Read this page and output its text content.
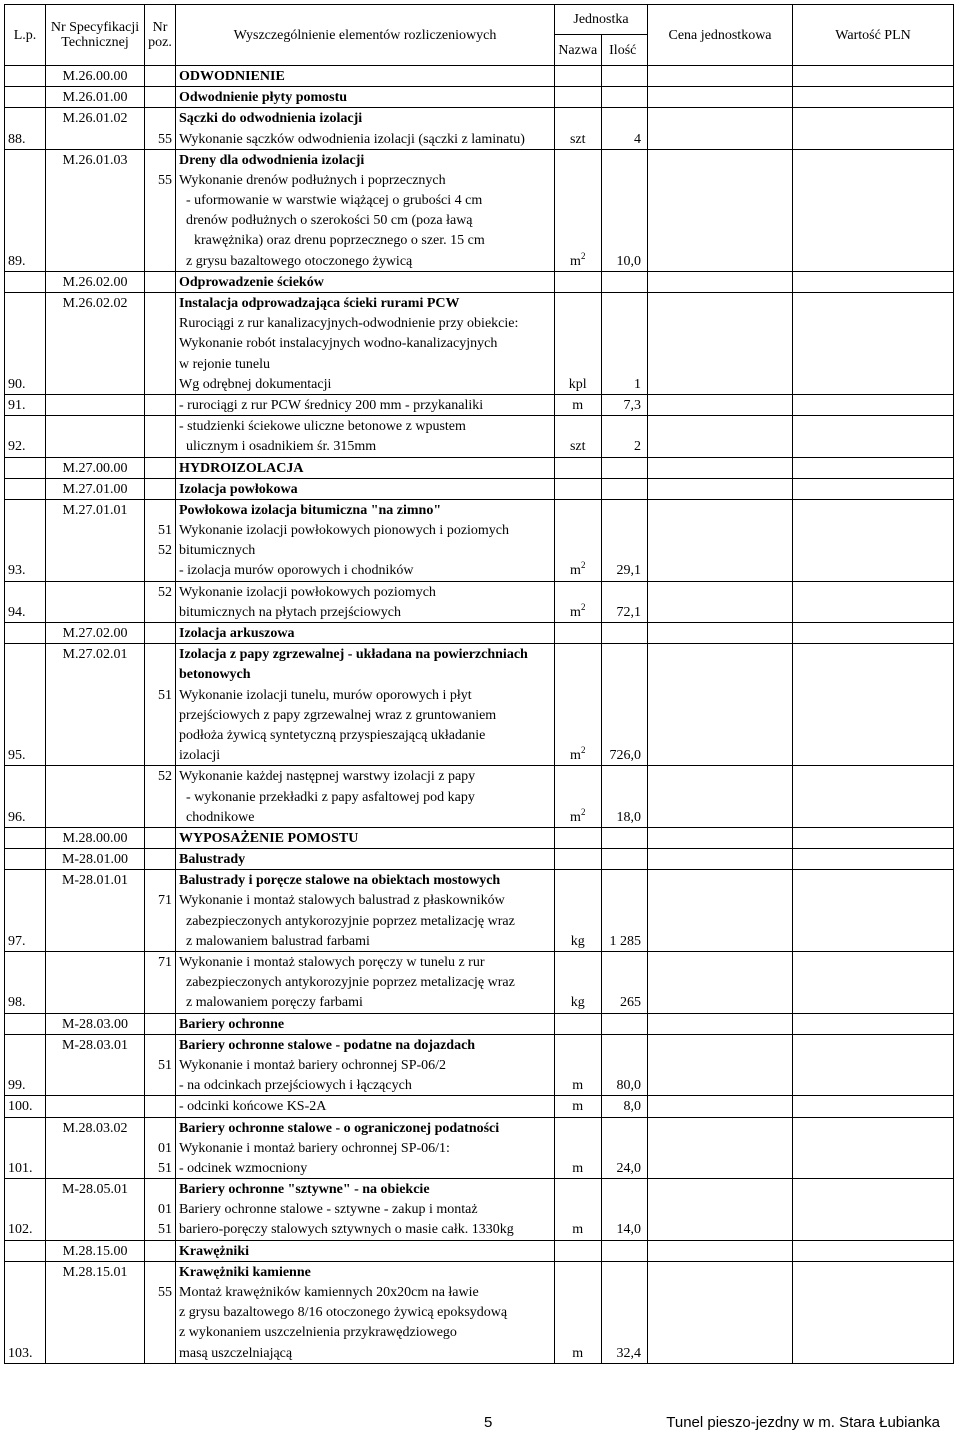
L.p.	Nr Specyfikacji Technicznej	Nr poz.	Wyszczególnienie elementów rozliczeniowych	Jednostka		Cena jednostkowa	Wartość PLN
				Nazwa	Ilość		
	M.26.00.00		ODWODNIENIE				
	M.26.01.00		Odwodnienie płyty pomostu				
	M.26.01.02		Sączki do odwodnienia izolacji				
88.		55	Wykonanie sączków odwodnienia izolacji (sączki z laminatu)	szt	4		
	M.26.01.03		Dreny dla odwodnienia izolacji				
		55	Wykonanie drenów podłużnych i poprzecznych				
			- uformowanie w warstwie wiążącej o grubości 4 cm				
			drenów podłużnych o szerokości 50 cm (poza ławą				
			krawężnika) oraz drenu poprzecznego o szer. 15 cm				
89.			z grysu bazaltowego otoczonego żywicą	$m^2$	10,0		
	M.26.02.00		Odprowadzenie ścieków				
	M.26.02.02		Instalacja odprowadzająca ścieki rurami PCW				
			Rurociągi z rur kanalizacyjnych-odwodnienie przy obiekcie:				
			Wykonanie robót instalacyjnych wodno-kanalizacyjnych				
			w rejonie tunelu				
90.			Wg odrębnej dokumentacji	kpl	1		
91.			- rurociągi z rur PCW średnicy 200 mm - przykanaliki	m	7,3		
			- studzienki ściekowe uliczne betonowe z wpustem				
92.			ulicznym i osadnikiem śr. 315mm	szt	2		
	M.27.00.00		HYDROIZOLACJA				
	M.27.01.00		Izolacja powłokowa				
	M.27.01.01		Powłokowa izolacja bitumiczna "na zimno"				
		51	Wykonanie izolacji powłokowych pionowych i poziomych				
		52	bitumicznych				
93.			- izolacja murów oporowych i chodników	$m^2$	29,1		
		52	Wykonanie izolacji powłokowych poziomych				
94.			bitumicznych na płytach przejściowych	$m^2$	72,1		
	M.27.02.00		Izolacja arkuszowa				
	M.27.02.01		Izolacja z papy zgrzewalnej - układana na powierzchniach				
			betonowych				
		51	Wykonanie izolacji tunelu, murów oporowych i płyt				
			przejściowych z papy zgrzewalnej wraz z gruntowaniem				
			podłoża żywicą syntetyczną przyspieszającą układanie				
95.			izolacji	$m^2$	726,0		
		52	Wykonanie każdej następnej warstwy izolacji z papy				
			- wykonanie przekładki z papy asfaltowej pod kapy				
96.			chodnikowe	$m^2$	18,0		
	M.28.00.00		WYPOSAŻENIE POMOSTU				
	M-28.01.00		Balustrady				
	M-28.01.01		Balustrady i poręcze stalowe na obiektach mostowych				
		71	Wykonanie i montaż stalowych balustrad z płaskowników				
			zabezpieczonych antykorozyjnie poprzez metalizację wraz				
97.			z malowaniem balustrad farbami	kg	1 285		
		71	Wykonanie i montaż stalowych poręczy w tunelu z rur				
			zabezpieczonych antykorozyjnie poprzez metalizację wraz				
98.			z malowaniem poręczy farbami	kg	265		
	M-28.03.00		Bariery ochronne				
	M-28.03.01		Bariery ochronne stalowe - podatne na dojazdach				
		51	Wykonanie i montaż bariery ochronnej SP-06/2				
99.			- na odcinkach przejściowych i łączących	m	80,0		
100.			- odcinki końcowe KS-2A	m	8,0		
	M.28.03.02		Bariery ochronne stalowe - o ograniczonej podatności				
		01	Wykonanie i montaż bariery ochronnej SP-06/1:				
101.		51	- odcinek wzmocniony	m	24,0		
	M-28.05.01		Bariery ochronne "sztywne" - na obiekcie				
		01	Bariery ochronne stalowe - sztywne - zakup i montaż				
102.		51	bariero-poręczy stalowych sztywnych o masie całk. 1330kg	m	14,0		
	M.28.15.00		Krawężniki				
	M.28.15.01		Krawężniki kamienne				
		55	Montaż krawężników kamiennych 20x20cm na ławie				
			z grysu bazaltowego 8/16 otoczonego żywicą epoksydową				
			z wykonaniem uszczelnienia przykrawędziowego				
103.			masą uszczelniającą	m	32,4		
5	Tunel pieszo-jezdny w m. Stara Łubianka
